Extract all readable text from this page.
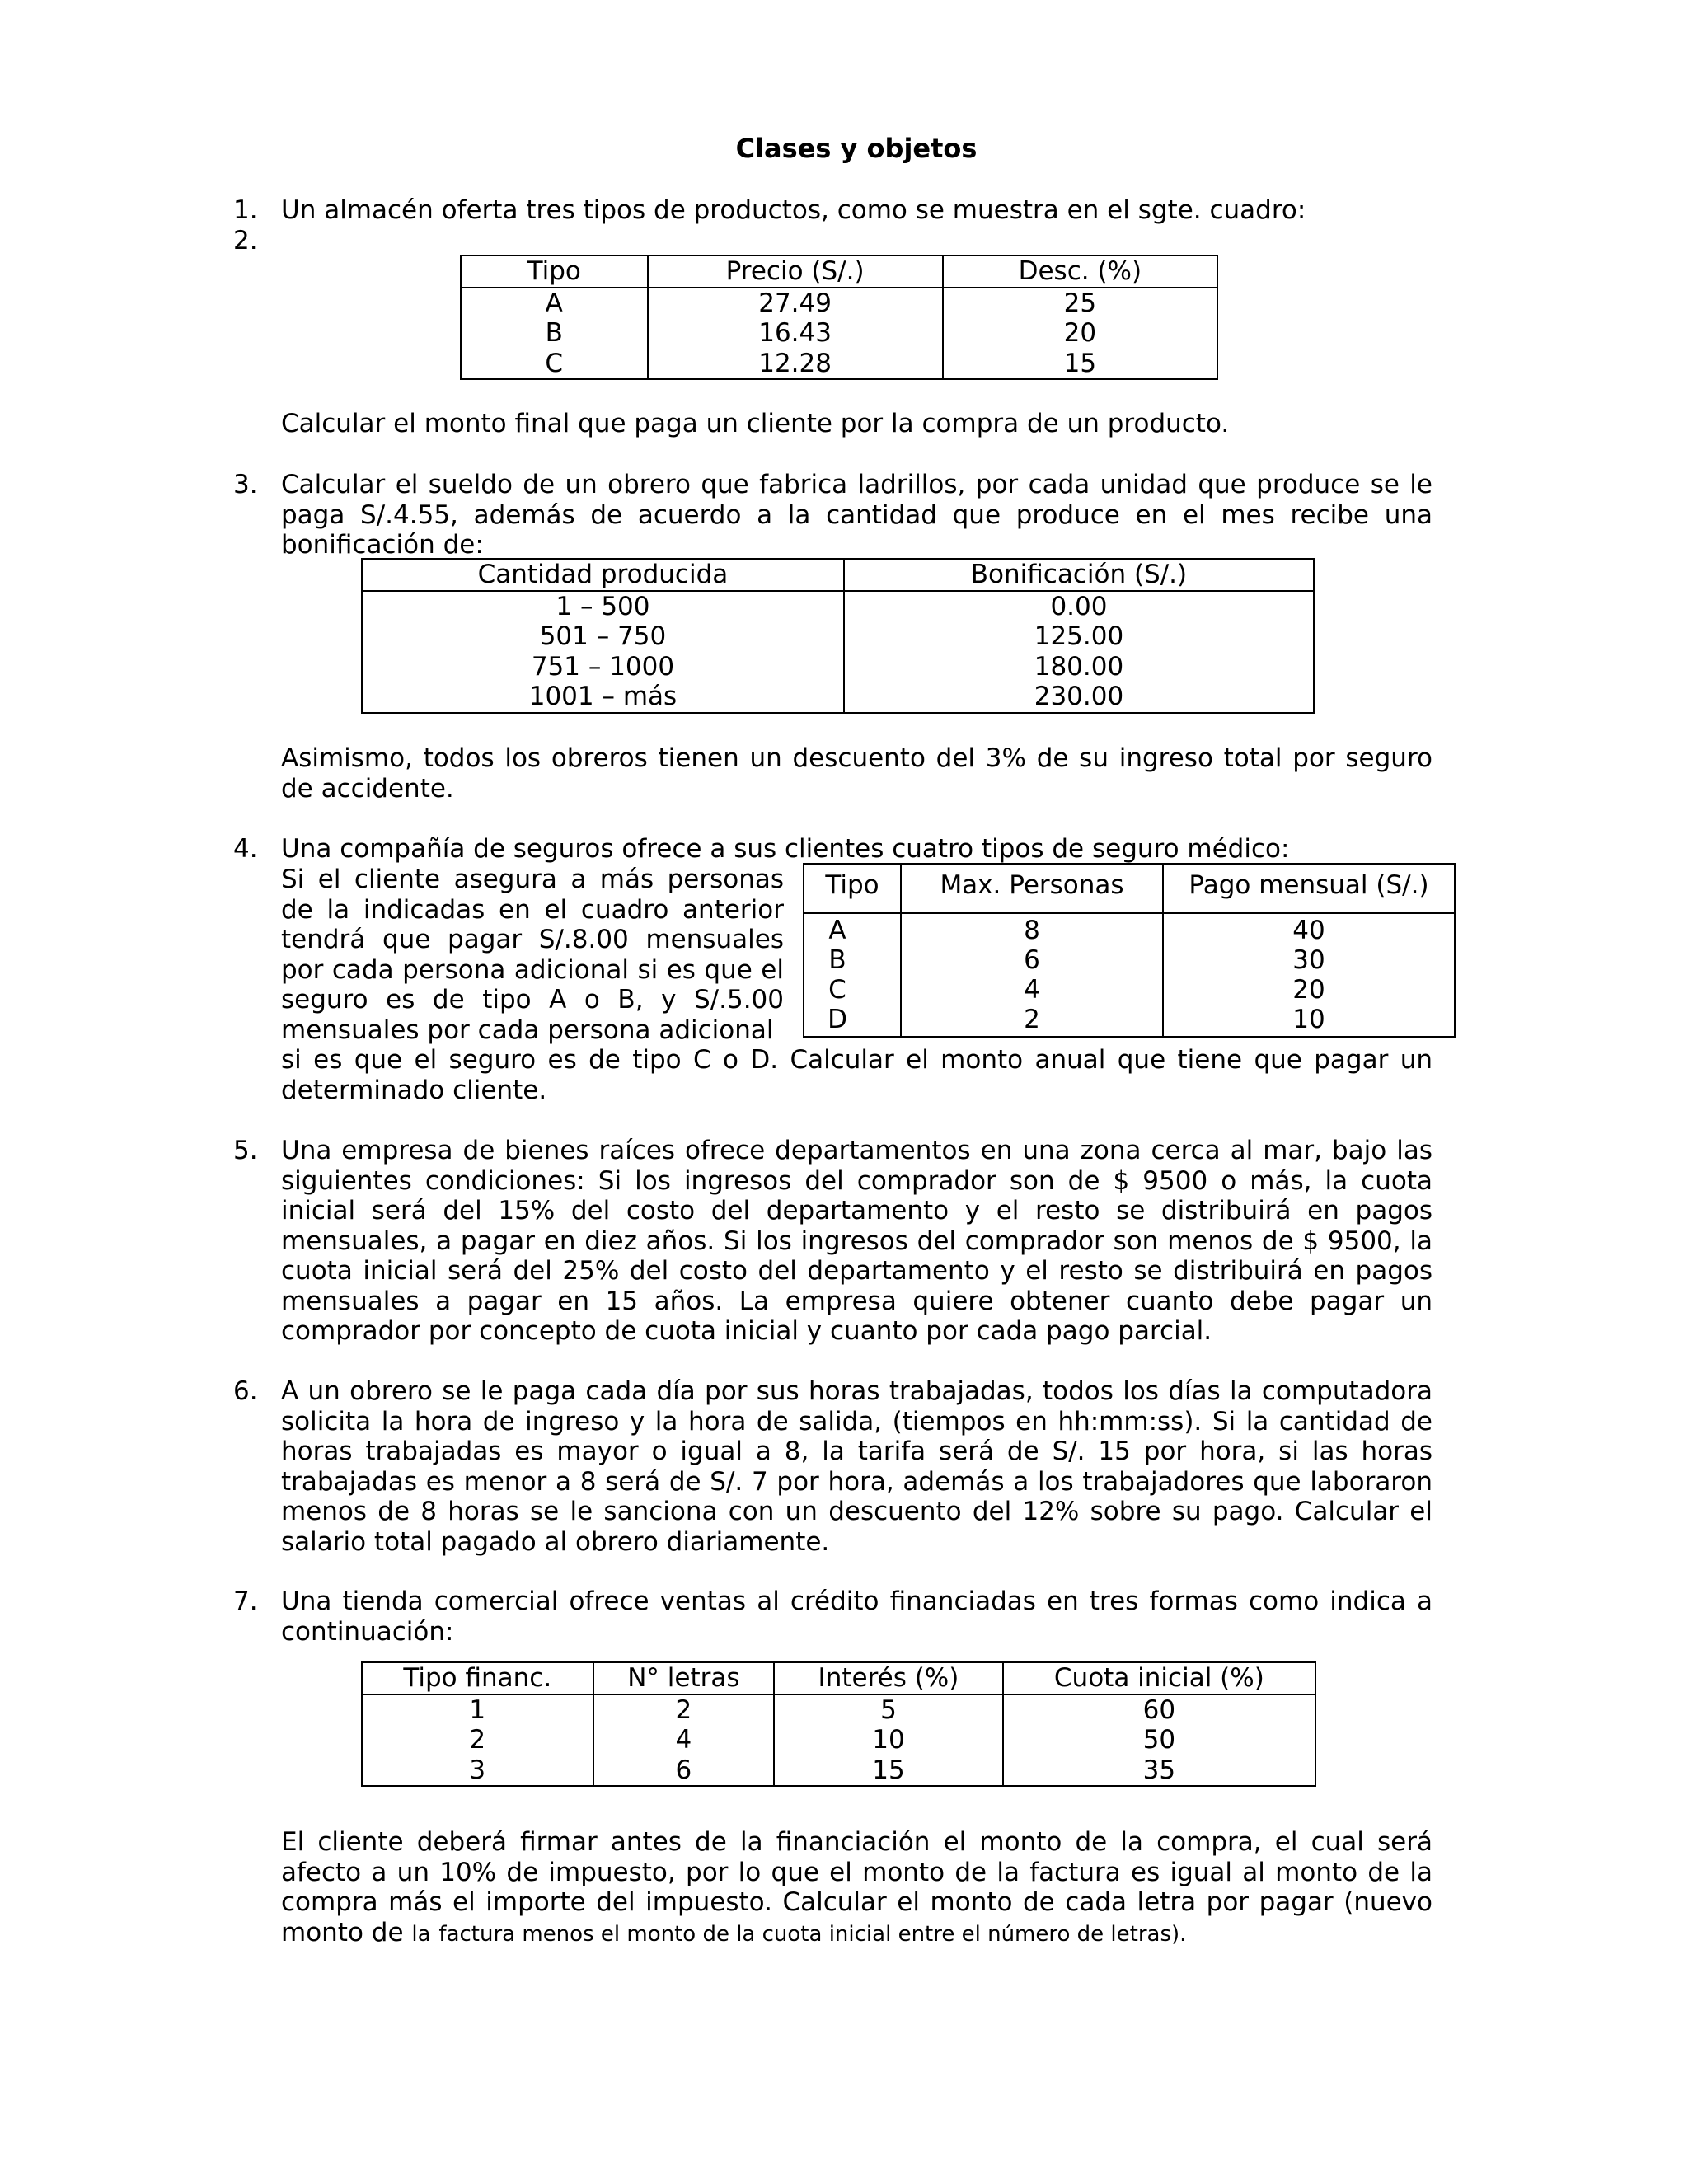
Clases y objetos
1. Un almacén oferta tres tipos de productos, como se muestra en el sgte. cuadro:
2.
Tipo	Precio (S/.)	Desc. (%)
A	27.49	25
B	16.43	20
C	12.28	15
Calcular el monto final que paga un cliente por la compra de un producto.
3. Calcular el sueldo de un obrero que fabrica ladrillos, por cada unidad que produce se le paga S/.4.55, además de acuerdo a la cantidad que produce en el mes recibe una bonificación de:
Cantidad producida	Bonificación (S/.)
1 – 500	0.00
501 – 750	125.00
751 – 1000	180.00
1001 – más	230.00
Asimismo, todos los obreros tienen un descuento del 3% de su ingreso total por seguro de accidente.
4. Una compañía de seguros ofrece a sus clientes cuatro tipos de seguro médico:
Si el cliente asegura a más personas de la indicadas en el cuadro anterior tendrá que pagar S/.8.00 mensuales por cada persona adicional si es que el seguro es de tipo A o B, y S/.5.00 mensuales por cada persona adicional
Tipo	Max. Personas	Pago mensual (S/.)
A	8	40
B	6	30
C	4	20
D	2	10
si es que el seguro es de tipo C o D. Calcular el monto anual que tiene que pagar un determinado cliente.
5. Una empresa de bienes raíces ofrece departamentos en una zona cerca al mar, bajo las siguientes condiciones: Si los ingresos del comprador son de $ 9500 o más, la cuota inicial será del 15% del costo del departamento y el resto se distribuirá en pagos mensuales, a pagar en diez años. Si los ingresos del comprador son menos de $ 9500, la cuota inicial será del 25% del costo del departamento y el resto se distribuirá en pagos mensuales a pagar en 15 años. La empresa quiere obtener cuanto debe pagar un comprador por concepto de cuota inicial y cuanto por cada pago parcial.
6. A un obrero se le paga cada día por sus horas trabajadas, todos los días la computadora solicita la hora de ingreso y la hora de salida, (tiempos en hh:mm:ss). Si la cantidad de horas trabajadas es mayor o igual a 8, la tarifa será de S/. 15 por hora, si las horas trabajadas es menor a 8 será de S/. 7 por hora, además a los trabajadores que laboraron menos de 8 horas se le sanciona con un descuento del 12% sobre su pago. Calcular el salario total pagado al obrero diariamente.
7. Una tienda comercial ofrece ventas al crédito financiadas en tres formas como indica a continuación:
Tipo financ.	N° letras	Interés (%)	Cuota inicial (%)
1	2	5	60
2	4	10	50
3	6	15	35
El cliente deberá firmar antes de la financiación el monto de la compra, el cual será afecto a un 10% de impuesto, por lo que el monto de la factura es igual al monto de la compra más el importe del impuesto. Calcular el monto de cada letra por pagar (nuevo monto de la factura menos el monto de la cuota inicial entre el número de letras).
